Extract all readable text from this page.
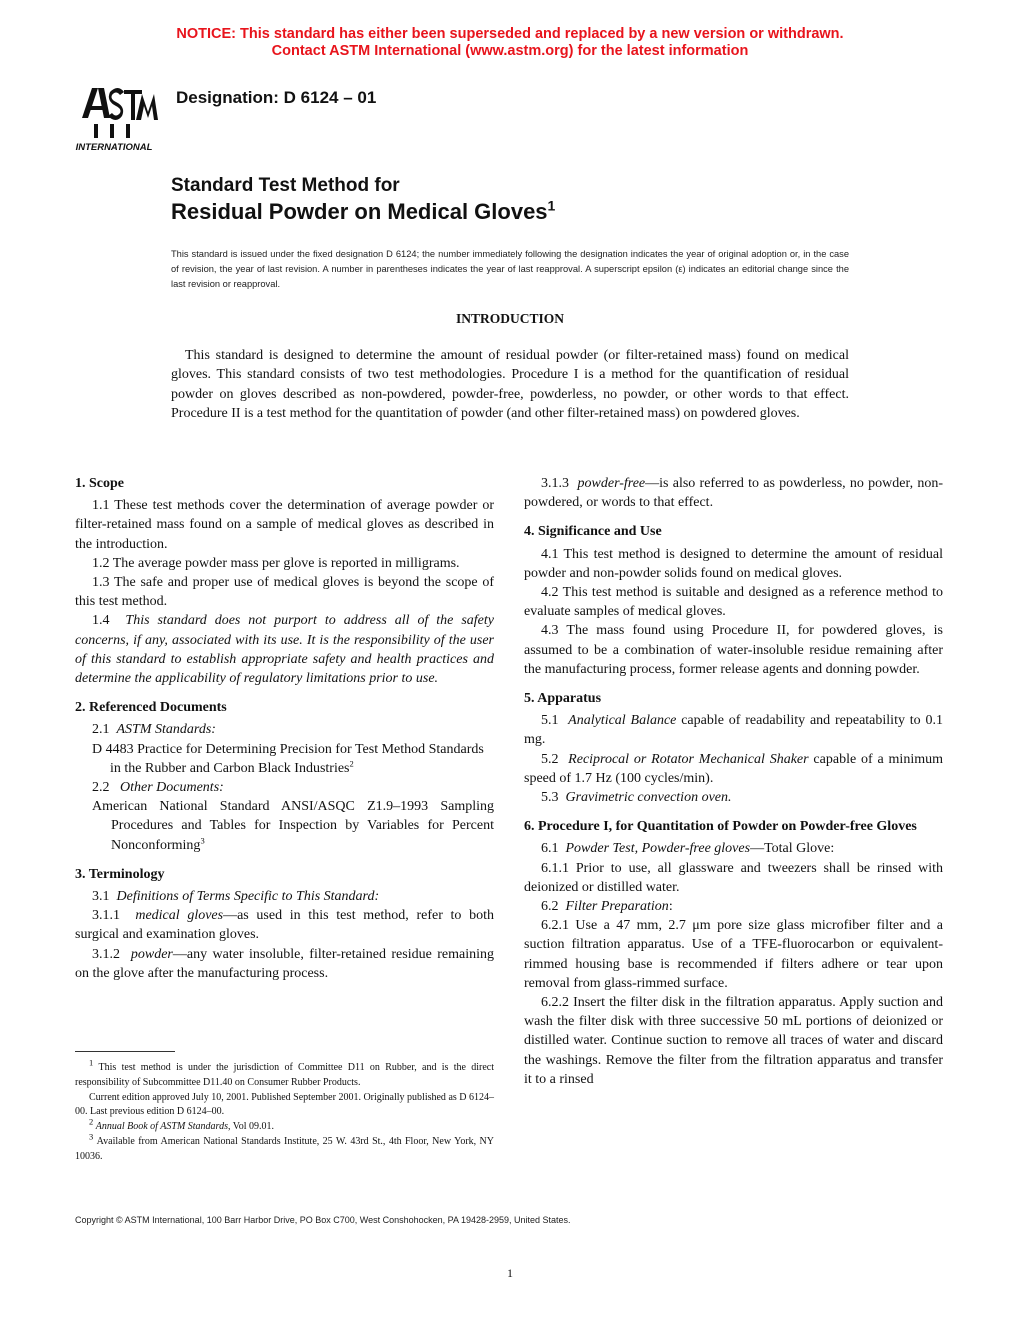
NOTICE: This standard has either been superseded and replaced by a new version or withdrawn.
Contact ASTM International (www.astm.org) for the latest information
INTERNATIONAL
Designation: D 6124 – 01
Standard Test Method for
Residual Powder on Medical Gloves$^1$
This standard is issued under the fixed designation D 6124; the number immediately following the designation indicates the year of original adoption or, in the case of revision, the year of last revision. A number in parentheses indicates the year of last reapproval. A superscript epsilon (ε) indicates an editorial change since the last revision or reapproval.
INTRODUCTION

This standard is designed to determine the amount of residual powder (or filter-retained mass) found on medical gloves. This standard consists of two test methodologies. Procedure I is a method for the quantification of residual powder on gloves described as non-powdered, powder-free, powderless, no powder, or other words to that effect. Procedure II is a test method for the quantitation of powder (and other filter-retained mass) on powdered gloves.

1. Scope

1.1 These test methods cover the determination of average powder or filter-retained mass found on a sample of medical gloves as described in the introduction.

1.2 The average powder mass per glove is reported in milligrams.

1.3 The safe and proper use of medical gloves is beyond the scope of this test method.

1.4 This standard does not purport to address all of the safety concerns, if any, associated with its use. It is the responsibility of the user of this standard to establish appropriate safety and health practices and determine the applicability of regulatory limitations prior to use.

2. Referenced Documents

2.1 ASTM Standards:

D 4483 Practice for Determining Precision for Test Method Standards in the Rubber and Carbon Black Industries$^2$

2.2 Other Documents:

American National Standard ANSI/ASQC Z1.9–1993 Sampling Procedures and Tables for Inspection by Variables for Percent Nonconforming$^3$

3. Terminology

3.1 Definitions of Terms Specific to This Standard:

3.1.1 medical gloves—as used in this test method, refer to both surgical and examination gloves.

3.1.2 powder—any water insoluble, filter-retained residue remaining on the glove after the manufacturing process.

$^1$ This test method is under the jurisdiction of Committee D11 on Rubber, and is the direct responsibility of Subcommittee D11.40 on Consumer Rubber Products.

Current edition approved July 10, 2001. Published September 2001. Originally published as D 6124–00. Last previous edition D 6124–00.

$^2$ Annual Book of ASTM Standards, Vol 09.01.

$^3$ Available from American National Standards Institute, 25 W. 43rd St., 4th Floor, New York, NY 10036.

3.1.3 powder-free—is also referred to as powderless, no powder, non-powdered, or words to that effect.

4. Significance and Use

4.1 This test method is designed to determine the amount of residual powder and non-powder solids found on medical gloves.

4.2 This test method is suitable and designed as a reference method to evaluate samples of medical gloves.

4.3 The mass found using Procedure II, for powdered gloves, is assumed to be a combination of water-insoluble residue remaining after the manufacturing process, former release agents and donning powder.

5. Apparatus

5.1 Analytical Balance capable of readability and repeatability to 0.1 mg.

5.2 Reciprocal or Rotator Mechanical Shaker capable of a minimum speed of 1.7 Hz (100 cycles/min).

5.3 Gravimetric convection oven.

6. Procedure I, for Quantitation of Powder on Powder-free Gloves

6.1 Powder Test, Powder-free gloves—Total Glove:

6.1.1 Prior to use, all glassware and tweezers shall be rinsed with deionized or distilled water.

6.2 Filter Preparation:

6.2.1 Use a 47 mm, 2.7 μm pore size glass microfiber filter and a suction filtration apparatus. Use of a TFE-fluorocarbon or equivalent-rimmed housing base is recommended if filters adhere or tear upon removal from glass-rimmed surface.

6.2.2 Insert the filter disk in the filtration apparatus. Apply suction and wash the filter disk with three successive 50 mL portions of deionized or distilled water. Continue suction to remove all traces of water and discard the washings. Remove the filter from the filtration apparatus and transfer it to a rinsed

Copyright © ASTM International, 100 Barr Harbor Drive, PO Box C700, West Conshohocken, PA 19428-2959, United States.
1
